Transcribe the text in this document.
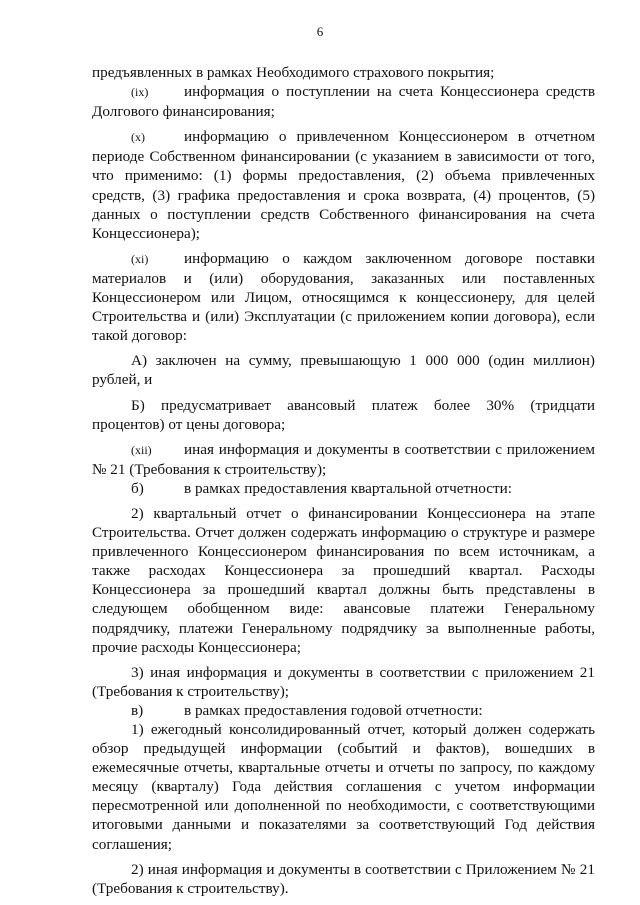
6

предъявленных в рамках Необходимого страхового покрытия;

(ix) информация о поступлении на счета Концессионера средств Долгового финансирования;

(x)	информацию о привлеченном Концессионером в отчетном периоде Собственном финансировании (с указанием в зависимости от того, что применимо: (1) формы предоставления, (2) объема привлеченных средств, (3) графика предоставления и срока возврата, (4) процентов, (5) данных о поступлении средств Собственного финансирования на счета Концессионера);

(xi) информацию о каждом заключенном договоре поставки материалов и (или) оборудования, заказанных или поставленных Концессионером или Лицом, относящимся к концессионеру, для целей Строительства и (или) Эксплуатации (с приложением копии договора), если такой договор:

А) заключен на сумму, превышающую 1 000 000 (один миллион) рублей, и

Б) предусматривает авансовый платеж более 30% (тридцати процентов) от цены договора;

(xii) иная информация и документы в соответствии с приложением № 21 (Требования к строительству);

б)	в рамках предоставления квартальной отчетности:

2) квартальный отчет о финансировании Концессионера на этапе Строительства. Отчет должен содержать информацию о структуре и размере привлеченного Концессионером финансирования по всем источникам, а также расходах Концессионера за прошедший квартал. Расходы Концессионера за прошедший квартал должны быть представлены в следующем обобщенном виде: авансовые платежи Генеральному подрядчику, платежи Генеральному подрядчику за выполненные работы, прочие расходы Концессионера;

3) иная информация и документы в соответствии с приложением 21 (Требования к строительству);

в)	в рамках предоставления годовой отчетности:

1) ежегодный консолидированный отчет, который должен содержать обзор предыдущей информации (событий и фактов), вошедших в ежемесячные отчеты, квартальные отчеты и отчеты по запросу, по каждому месяцу (кварталу) Года действия соглашения с учетом информации пересмотренной или дополненной по необходимости, с соответствующими итоговыми данными и показателями за соответствующий Год действия соглашения;

2) иная информация и документы в соответствии с Приложением № 21 (Требования к строительству).
